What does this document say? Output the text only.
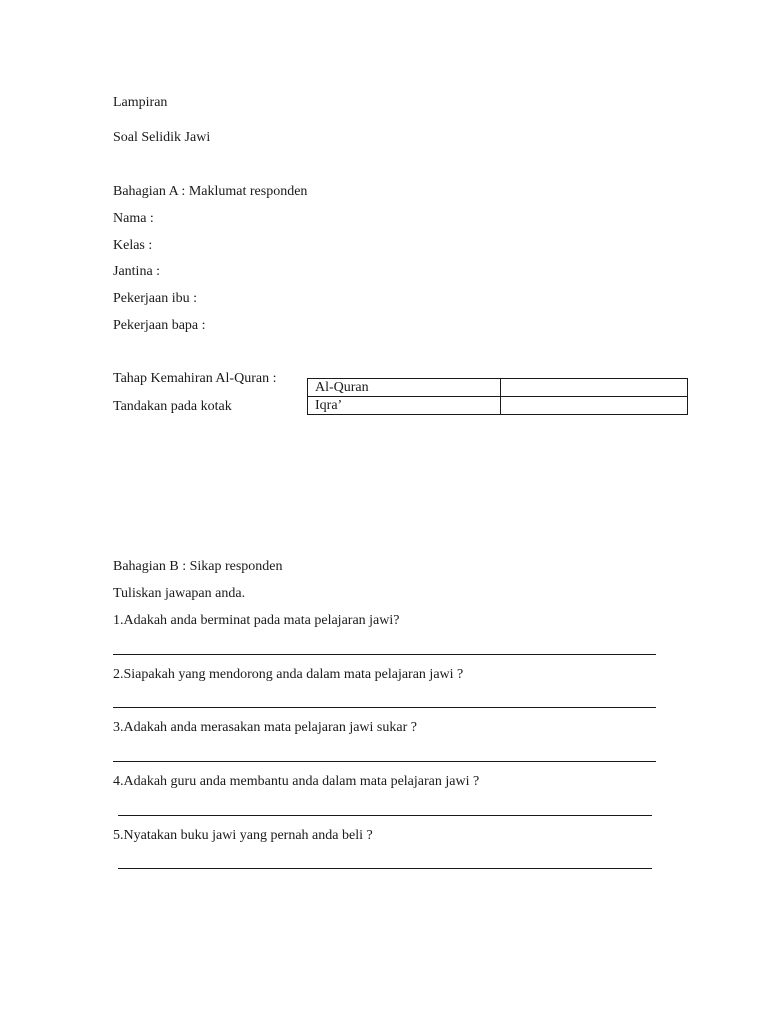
Lampiran
Soal Selidik Jawi
Bahagian A : Maklumat responden
Nama :
Kelas :
Jantina :
Pekerjaan ibu :
Pekerjaan bapa :
Tahap Kemahiran Al-Quran :
Tandakan pada kotak
Al-Quran	
Iqra’	
Bahagian B : Sikap responden
Tuliskan jawapan anda.
1.Adakah anda berminat pada mata pelajaran jawi?
2.Siapakah yang mendorong anda dalam mata pelajaran jawi ?
3.Adakah anda merasakan mata pelajaran jawi sukar ?
4.Adakah guru anda membantu anda dalam mata pelajaran jawi ?
5.Nyatakan buku jawi yang pernah anda beli ?
